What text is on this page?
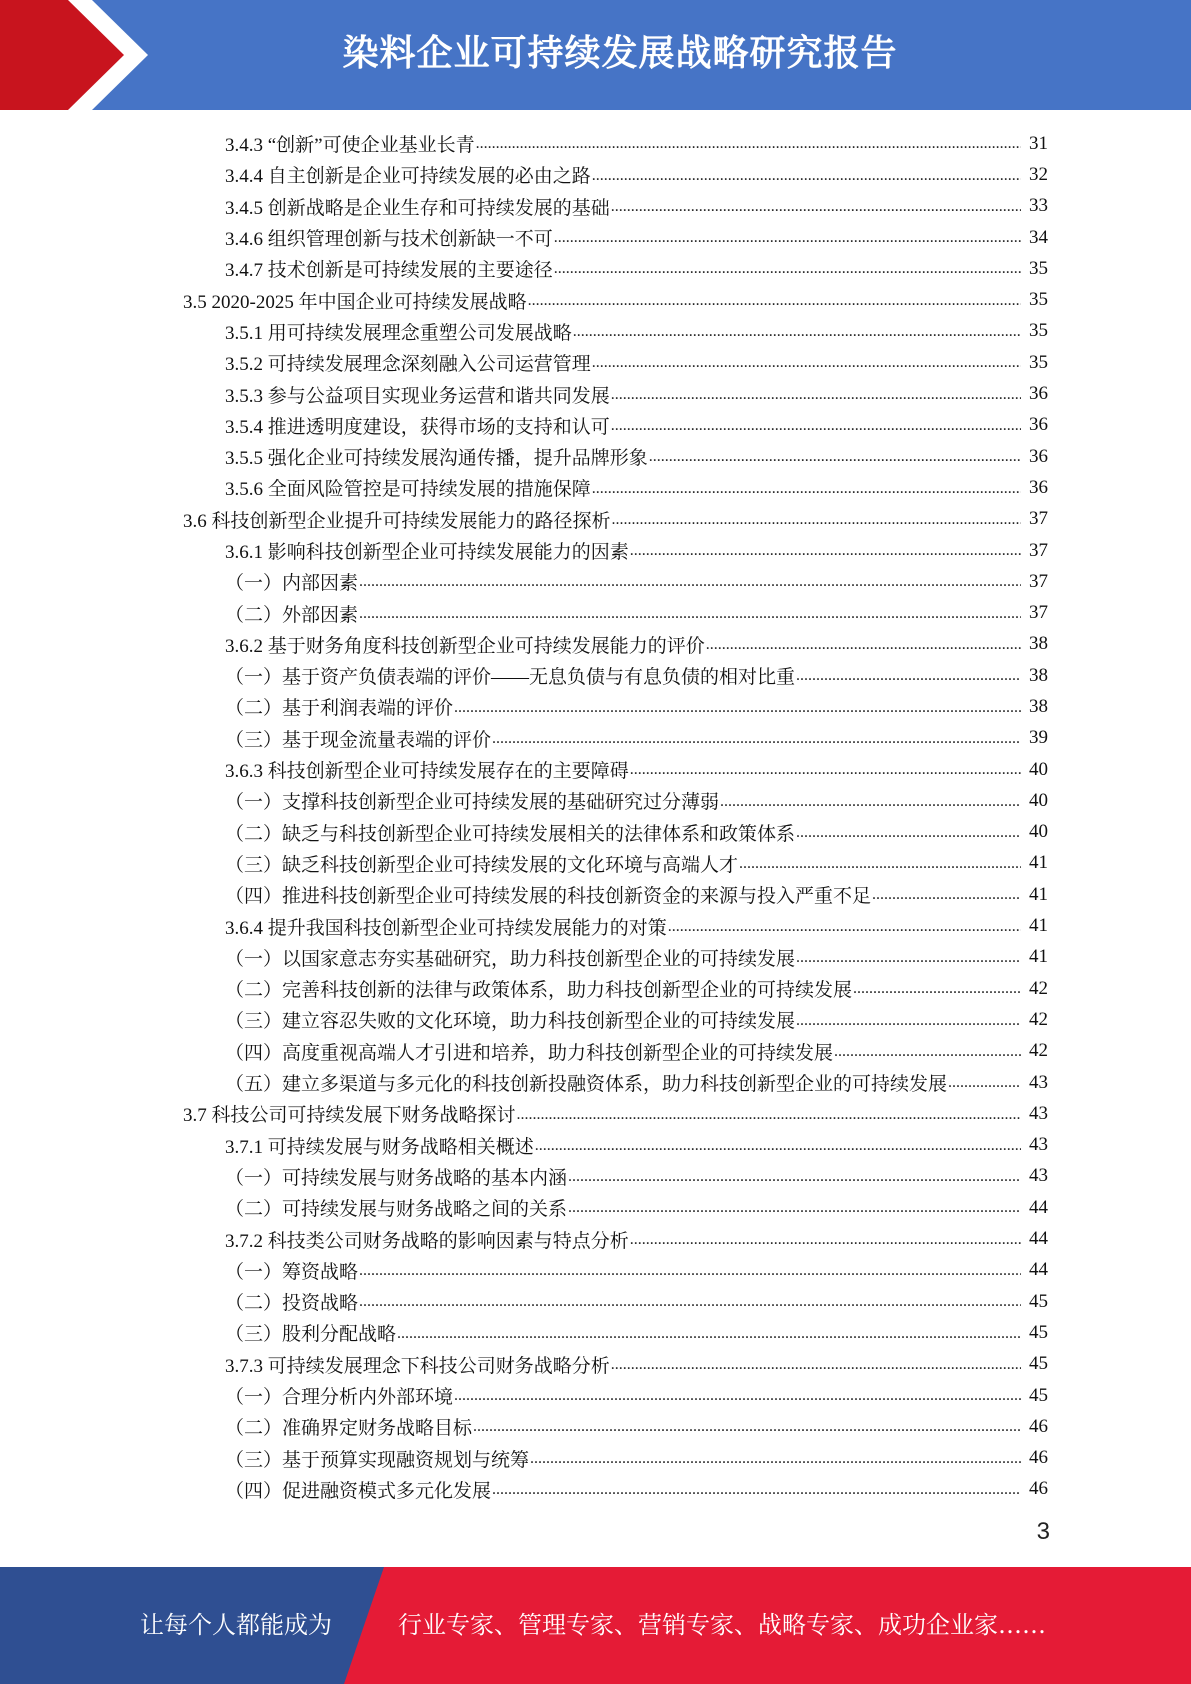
染料企业可持续发展战略研究报告
3.4.3 “创新”可使企业基业长青 .....	31
3.4.4 自主创新是企业可持续发展的必由之路 .....	32
3.4.5 创新战略是企业生存和可持续发展的基础 .....	33
3.4.6 组织管理创新与技术创新缺一不可 .....	34
3.4.7 技术创新是可持续发展的主要途径 .....	35
3.5 2020-2025 年中国企业可持续发展战略 .....	35
3.5.1 用可持续发展理念重塑公司发展战略 .....	35
3.5.2 可持续发展理念深刻融入公司运营管理 .....	35
3.5.3 参与公益项目实现业务运营和谐共同发展 .....	36
3.5.4 推进透明度建设，获得市场的支持和认可 .....	36
3.5.5 强化企业可持续发展沟通传播，提升品牌形象 .....	36
3.5.6 全面风险管控是可持续发展的措施保障 .....	36
3.6 科技创新型企业提升可持续发展能力的路径探析 .....	37
3.6.1 影响科技创新型企业可持续发展能力的因素 .....	37
（一）内部因素 .....	37
（二）外部因素 .....	37
3.6.2 基于财务角度科技创新型企业可持续发展能力的评价 .....	38
（一）基于资产负债表端的评价——无息负债与有息负债的相对比重 .....	38
（二）基于利润表端的评价 .....	38
（三）基于现金流量表端的评价 .....	39
3.6.3 科技创新型企业可持续发展存在的主要障碍 .....	40
（一）支撑科技创新型企业可持续发展的基础研究过分薄弱 .....	40
（二）缺乏与科技创新型企业可持续发展相关的法律体系和政策体系 .....	40
（三）缺乏科技创新型企业可持续发展的文化环境与高端人才 .....	41
（四）推进科技创新型企业可持续发展的科技创新资金的来源与投入严重不足 .....	41
3.6.4 提升我国科技创新型企业可持续发展能力的对策 .....	41
（一）以国家意志夯实基础研究，助力科技创新型企业的可持续发展 .....	41
（二）完善科技创新的法律与政策体系，助力科技创新型企业的可持续发展 .....	42
（三）建立容忍失败的文化环境，助力科技创新型企业的可持续发展 .....	42
（四）高度重视高端人才引进和培养，助力科技创新型企业的可持续发展 .....	42
（五）建立多渠道与多元化的科技创新投融资体系，助力科技创新型企业的可持续发展 .....	43
3.7 科技公司可持续发展下财务战略探讨 .....	43
3.7.1 可持续发展与财务战略相关概述 .....	43
（一）可持续发展与财务战略的基本内涵 .....	43
（二）可持续发展与财务战略之间的关系 .....	44
3.7.2 科技类公司财务战略的影响因素与特点分析 .....	44
（一）筹资战略 .....	44
（二）投资战略 .....	45
（三）股利分配战略 .....	45
3.7.3 可持续发展理念下科技公司财务战略分析 .....	45
（一）合理分析内外部环境 .....	45
（二）准确界定财务战略目标 .....	46
（三）基于预算实现融资规划与统筹 .....	46
（四）促进融资模式多元化发展 .....	46
3
让每个人都能成为	行业专家、管理专家、营销专家、战略专家、成功企业家……
